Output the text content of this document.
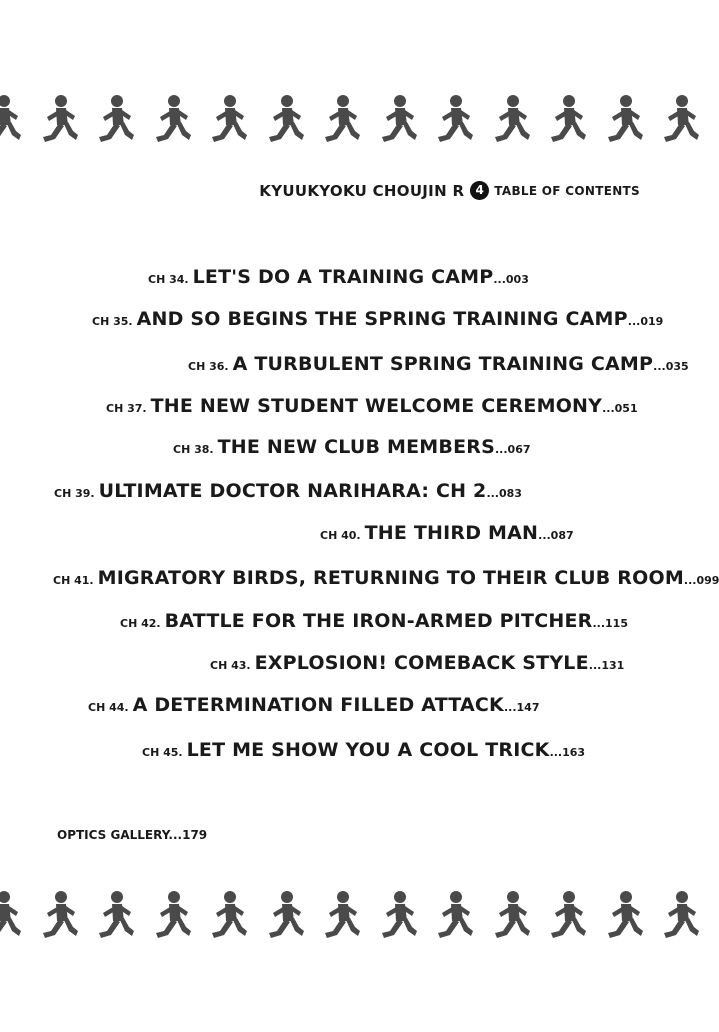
KYUUKYOKU CHOUJIN R 4 TABLE OF CONTENTS
CH 34. LET'S DO A TRAINING CAMP ...003
CH 35. AND SO BEGINS THE SPRING TRAINING CAMP ...019
CH 36. A TURBULENT SPRING TRAINING CAMP ...035
CH 37. THE NEW STUDENT WELCOME CEREMONY ...051
CH 38. THE NEW CLUB MEMBERS ...067
CH 39. ULTIMATE DOCTOR NARIHARA: CH 2 ...083
CH 40. THE THIRD MAN ...087
CH 41. MIGRATORY BIRDS, RETURNING TO THEIR CLUB ROOM ...099
CH 42. BATTLE FOR THE IRON-ARMED PITCHER ...115
CH 43. EXPLOSION! COMEBACK STYLE ...131
CH 44. A DETERMINATION FILLED ATTACK ...147
CH 45. LET ME SHOW YOU A COOL TRICK ...163
OPTICS GALLERY...179
